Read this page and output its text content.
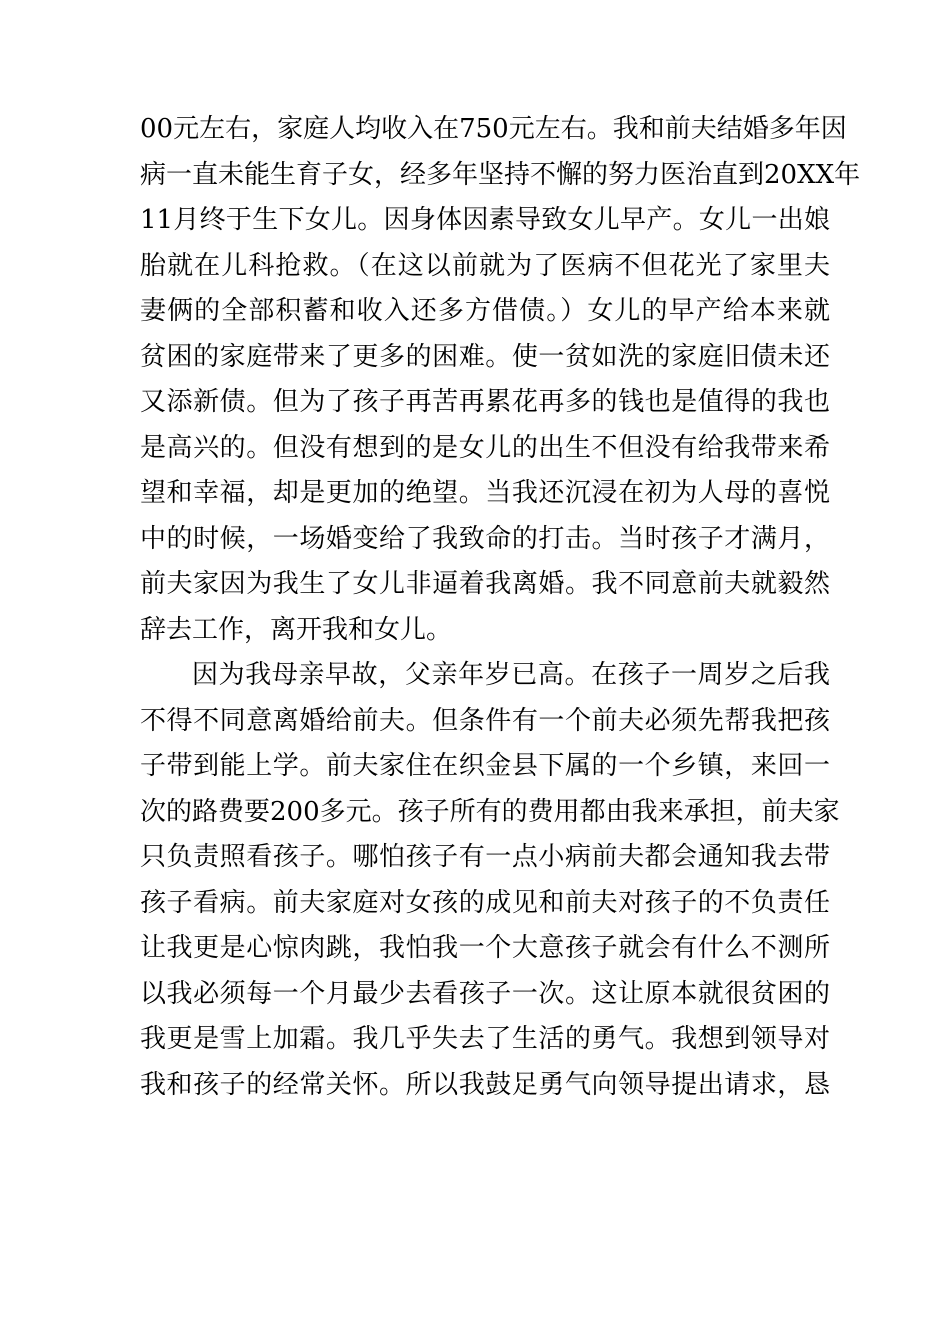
00元左右，家庭人均收入在750元左右。我和前夫结婚多年因
病一直未能生育子女，经多年坚持不懈的努力医治直到20XX年
11月终于生下女儿。因身体因素导致女儿早产。女儿一出娘
胎就在儿科抢救。（在这以前就为了医病不但花光了家里夫
妻俩的全部积蓄和收入还多方借债。）女儿的早产给本来就
贫困的家庭带来了更多的困难。使一贫如洗的家庭旧债未还
又添新债。但为了孩子再苦再累花再多的钱也是值得的我也
是高兴的。但没有想到的是女儿的出生不但没有给我带来希
望和幸福，却是更加的绝望。当我还沉浸在初为人母的喜悦
中的时候，一场婚变给了我致命的打击。当时孩子才满月，
前夫家因为我生了女儿非逼着我离婚。我不同意前夫就毅然
辞去工作，离开我和女儿。
因为我母亲早故，父亲年岁已高。在孩子一周岁之后我
不得不同意离婚给前夫。但条件有一个前夫必须先帮我把孩
子带到能上学。前夫家住在织金县下属的一个乡镇，来回一
次的路费要200多元。孩子所有的费用都由我来承担，前夫家
只负责照看孩子。哪怕孩子有一点小病前夫都会通知我去带
孩子看病。前夫家庭对女孩的成见和前夫对孩子的不负责任
让我更是心惊肉跳，我怕我一个大意孩子就会有什么不测所
以我必须每一个月最少去看孩子一次。这让原本就很贫困的
我更是雪上加霜。我几乎失去了生活的勇气。我想到领导对
我和孩子的经常关怀。所以我鼓足勇气向领导提出请求，恳
